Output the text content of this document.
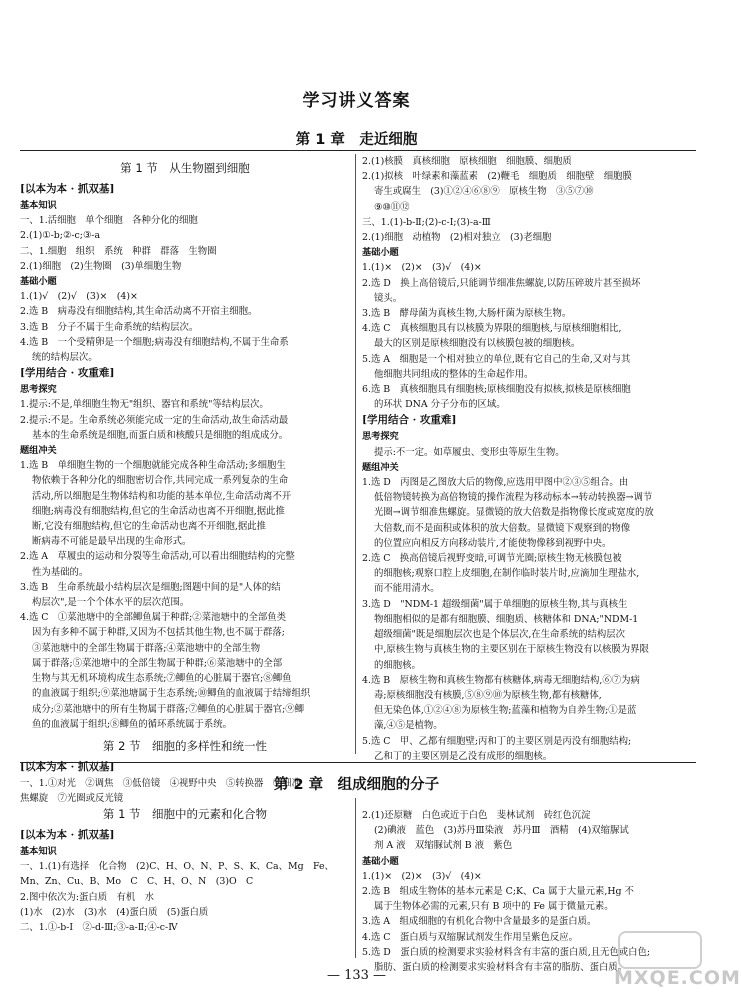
学习讲义答案
第 1 章　走近细胞

第 1 节　从生物圈到细胞

[ 以本为本 · 抓双基 ]

基本知识

一、1.活细胞　单个细胞　各种分化的细胞

2.(1)①-b;②-c;③-a

二、1.细胞　组织　系统　种群　群落　生物圈

2.(1)细胞　(2)生物圈　(3)单细胞生物

基础小题

1.(1)√　(2)√　(3)×　(4)×

2.选 B　病毒没有细胞结构,其生命活动离不开宿主细胞。

3.选 B　分子不属于生命系统的结构层次。

4.选 B　一个受精卵是一个细胞;病毒没有细胞结构,不属于生命系

统的结构层次。

[ 学用结合 · 攻重难 ]

思考探究

1.提示:不是,单细胞生物无"组织、器官和系统"等结构层次。

2.提示:不是。生命系统必须能完成一定的生命活动,故生命活动最

基本的生命系统是细胞,而蛋白质和核酸只是细胞的组成成分。

题组冲关

1.选 B　单细胞生物的一个细胞就能完成各种生命活动;多细胞生

物依赖于各种分化的细胞密切合作,共同完成一系列复杂的生命

活动,所以细胞是生物体结构和功能的基本单位,生命活动离不开

细胞;病毒没有细胞结构,但它的生命活动也离不开细胞,据此推

断,它没有细胞结构,但它的生命活动也离不开细胞,据此推

断病毒不可能是最早出现的生命形式。

2.选 A　草履虫的运动和分裂等生命活动,可以看出细胞结构的完整

性为基础的。

3.选 B　生命系统最小结构层次是细胞;图题中间的是"人体的结

构层次",是一个个体水平的层次范围。

4.选 C　①菜池塘中的全部鲫鱼属于种群;②菜池塘中的全部鱼类

因为有多种不属于种群,又因为不包括其他生物,也不属于群落;

③菜池塘中的全部生物属于群落;④菜池塘中的全部生物

属于群落;⑤菜池塘中的全部生物属于种群;⑥菜池塘中的全部

生物与其无机环境构成生态系统;⑦鲫鱼的心脏属于器官;⑧鲫鱼

的血液属于组织;⑨菜池塘属于生态系统;⑩鲫鱼的血液属于结缔组织

成分;②菜池塘中的所有生物属于群落;⑦鲫鱼的心脏属于器官;⑨鲫

鱼的血液属于组织;⑧鲫鱼的循环系统属于系统。

第 2 节　细胞的多样性和统一性

[ 以本为本 · 抓双基 ]

一、1.①对光　②调焦　③低倍镜　④视野中央　⑤转换器　⑥细准

焦螺旋　⑦光圈或反光镜

2.(1)核膜　真核细胞　原核细胞　细胞膜、细胞质

2.(1)拟核　叶绿素和藻蓝素　(2)鞭毛　细胞质　细胞壁　细胞膜

寄生或腐生　(3)①②④⑥⑧⑨　原核生物　③⑤⑦⑩

⑨⑩⑪⑫

三、1.(1)-b-Ⅱ;(2)-c-Ⅰ;(3)-a-Ⅲ

2.(1)细胞　动植物　(2)相对独立　(3)老细胞

基础小题

1.(1)×　(2)×　(3)√　(4)×

2.选 D　换上高倍镜后,只能调节细准焦螺旋,以防压碎玻片甚至损坏

镜头。

3.选 B　酵母菌为真核生物,大肠杆菌为原核生物。

4.选 C　真核细胞具有以核膜为界限的细胞核,与原核细胞相比,

最大的区别是原核细胞没有以核膜包被的细胞核。

5.选 A　细胞是一个相对独立的单位,既有它自己的生命,又对与其

他细胞共同组成的整体的生命起作用。

6.选 B　真核细胞具有细胞核;原核细胞没有拟核,拟核是原核细胞

的环状 DNA 分子分布的区域。

[ 学用结合 · 攻重难 ]

思考探究

提示:不一定。如草履虫、变形虫等原生生物。

题组冲关

1.选 D　丙图是乙图放大后的物像,应选用甲图中②③⑤组合。由

低倍物镜转换为高倍物镜的操作流程为移动标本→转动转换器→调节

光圈→调节细准焦螺旋。显微镜的放大倍数是指物像长度或宽度的放

大倍数,而不是面积或体积的放大倍数。显微镜下观察到的物像

的位置应向相反方向移动装片,才能使物像移到视野中央。

2.选 C　换高倍镜后视野变暗,可调节光圈;原核生物无核膜包被

的细胞核;观察口腔上皮细胞,在制作临时装片时,应滴加生理盐水,

而不能用清水。

3.选 D　"NDM-1 超级细菌"属于单细胞的原核生物,其与真核生

物细胞相似的是都有细胞膜、细胞质、核糖体和 DNA;"NDM-1

超级细菌"既是细胞层次也是个体层次,在生命系统的结构层次

中,原核生物与真核生物的主要区别在于原核生物没有以核膜为界限

的细胞核。

4.选 B　原核生物和真核生物都有核糖体,病毒无细胞结构,⑥⑦为病

毒;原核细胞没有核膜,⑤⑧⑨⑩为原核生物,都有核糖体,

但无染色体,①②④⑧为原核生物;蓝藻和植物为自养生物;①是蓝

藻,④⑤是植物。

5.选 C　甲、乙都有细胞壁;丙和丁的主要区别是丙没有细胞结构;

乙和丁的主要区别是乙没有成形的细胞核。

第 2 章　组成细胞的分子

第 1 节　细胞中的元素和化合物

[ 以本为本 · 抓双基 ]

基本知识

一、1.(1)有选择　化合物　(2)C、H、O、N、P、S、K、Ca、Mg　Fe、

Mn、Zn、Cu、B、Mo　C　C、H、O、N　(3)O　C

2.图中依次为:蛋白质　有机　水

(1)水　(2)水　(3)水　(4)蛋白质　(5)蛋白质

二、1.①-b-Ⅰ　②-d-Ⅲ;③-a-Ⅱ;④-c-Ⅳ

2.(1)还原糖　白色或近于白色　斐林试剂　砖红色沉淀

(2)碘液　蓝色　(3)苏丹Ⅲ染液　苏丹Ⅲ　酒精　(4)双缩脲试

剂 A 液　双缩脲试剂 B 液　紫色

基础小题

1.(1)×　(2)×　(3)√　(4)×

2.选 B　组成生物体的基本元素是 C;K、Ca 属于大量元素,Hg 不

属于生物体必需的元素,只有 B 项中的 Fe 属于微量元素。

3.选 A　组成细胞的有机化合物中含量最多的是蛋白质。

4.选 C　蛋白质与双缩脲试剂发生作用呈紫色反应。

5.选 D　蛋白质的检测要求实验材料含有丰富的蛋白质,且无色或白色;

脂肪、蛋白质的检测要求实验材料含有丰富的脂肪、蛋白质。

— 133 —	MXQE.COM
